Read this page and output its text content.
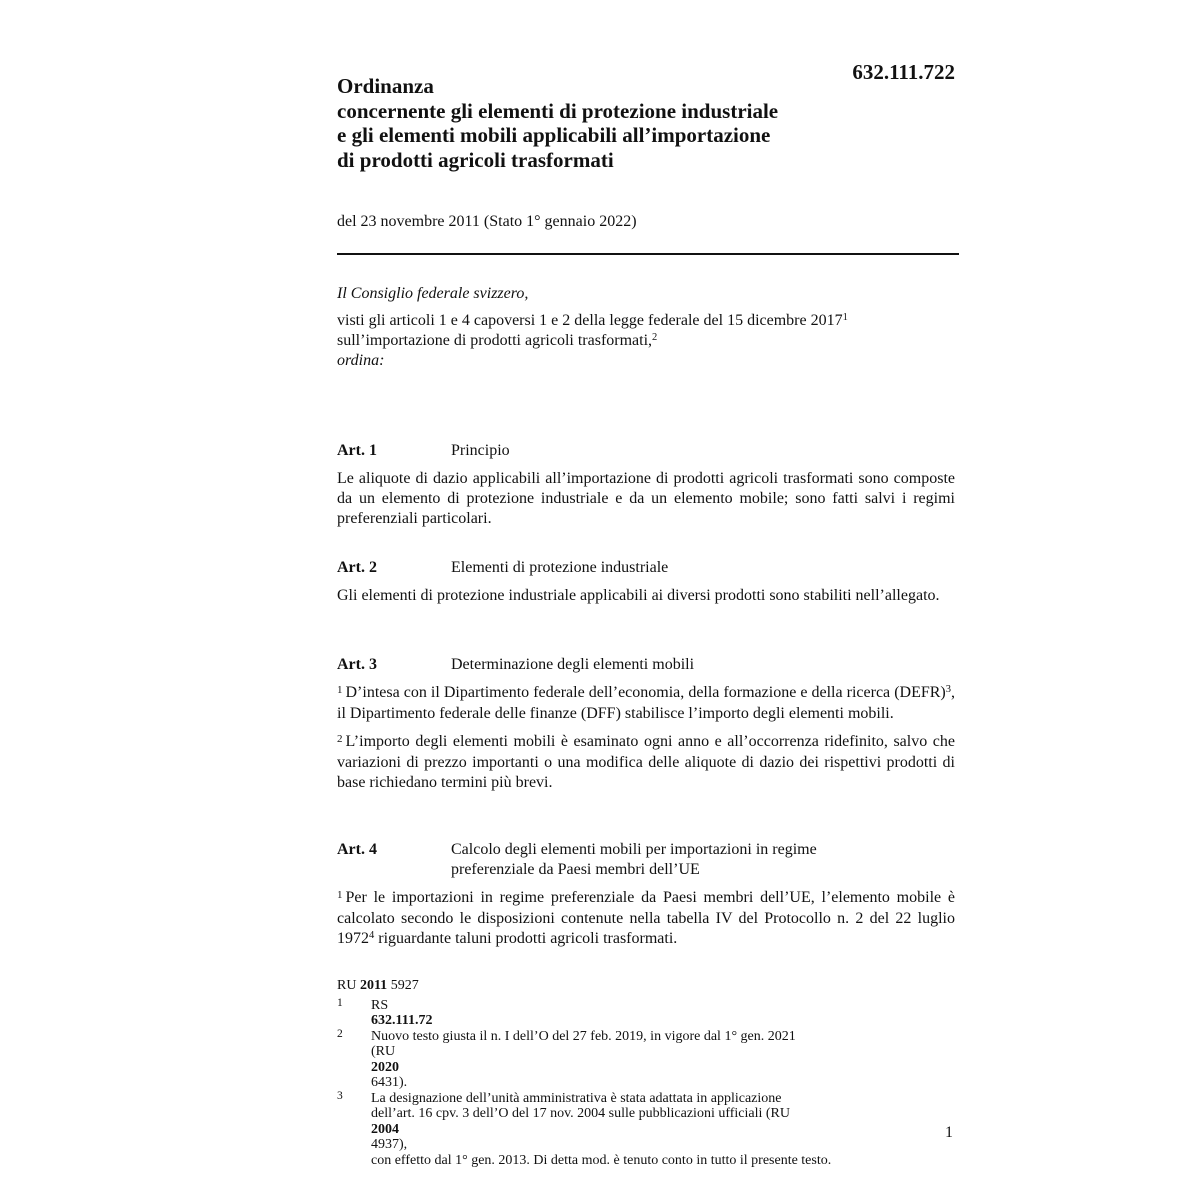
632.111.722

Ordinanza
concernente gli elementi di protezione industriale
e gli elementi mobili applicabili all’importazione
di prodotti agricoli trasformati

del 23 novembre 2011 (Stato 1° gennaio 2022)

Il Consiglio federale svizzero,

visti gli articoli 1 e 4 capoversi 1 e 2 della legge federale del 15 dicembre 2017$^1$
sull’importazione di prodotti agricoli trasformati,$^2$

ordina:

Art. 1	Principio

Le aliquote di dazio applicabili all’importazione di prodotti agricoli trasformati sono composte da un elemento di protezione industriale e da un elemento mobile; sono fatti salvi i regimi preferenziali particolari.

Art. 2	Elementi di protezione industriale

Gli elementi di protezione industriale applicabili ai diversi prodotti sono stabiliti nell’allegato.

Art. 3	Determinazione degli elementi mobili

$^1$ D’intesa con il Dipartimento federale dell’economia, della formazione e della ricerca (DEFR)$^3$, il Dipartimento federale delle finanze (DFF) stabilisce l’importo degli elementi mobili.

$^2$ L’importo degli elementi mobili è esaminato ogni anno e all’occorrenza ridefinito, salvo che variazioni di prezzo importanti o una modifica delle aliquote di dazio dei rispettivi prodotti di base richiedano termini più brevi.

Art. 4	Calcolo degli elementi mobili per importazioni in regime
preferenziale da Paesi membri dell’UE

$^1$ Per le importazioni in regime preferenziale da Paesi membri dell’UE, l’elemento mobile è calcolato secondo le disposizioni contenute nella tabella IV del Protocollo n. 2 del 22 luglio 1972$^4$ riguardante taluni prodotti agricoli trasformati.

RU 2011 5927

1	RS
632.111.72
2	Nuovo testo giusta il n. I dell’O del 27 feb. 2019, in vigore dal 1° gen. 2021
(RU
2020
6431).
3	La designazione dell’unità amministrativa è stata adattata in applicazione
dell’art. 16 cpv. 3 dell’O del 17 nov. 2004 sulle pubblicazioni ufficiali (RU
2004
4937),
con effetto dal 1° gen. 2013. Di detta mod. è tenuto conto in tutto il presente testo.

1
